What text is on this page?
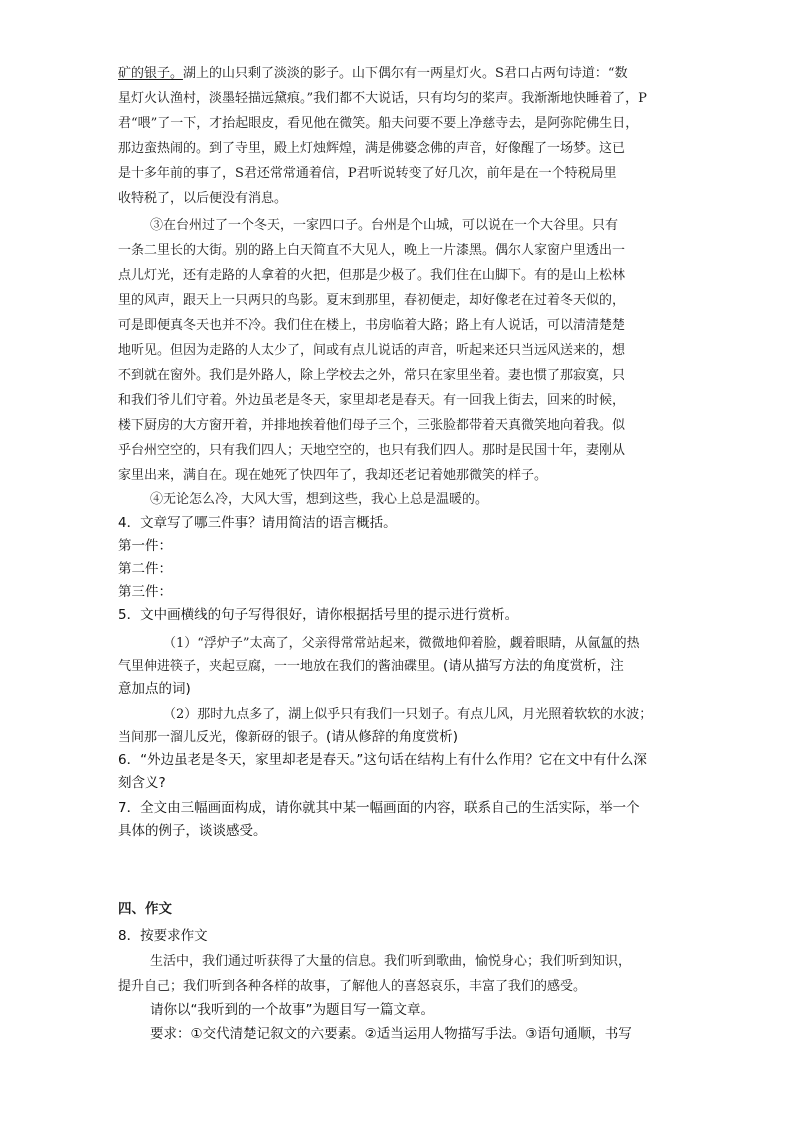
矿的银子。湖上的山只剩了淡淡的影子。山下偶尔有一两星灯火。S君口占两句诗道：“数
星灯火认渔村，淡墨轻描远黛痕。”我们都不大说话，只有均匀的桨声。我渐渐地快睡着了，P
君“喂”了一下，才抬起眼皮，看见他在微笑。船夫问要不要上净慈寺去，是阿弥陀佛生日，
那边蛮热闹的。到了寺里，殿上灯烛辉煌，满是佛婆念佛的声音，好像醒了一场梦。这已
是十多年前的事了，S君还常常通着信，P君听说转变了好几次，前年是在一个特税局里
收特税了，以后便没有消息。
③在台州过了一个冬天，一家四口子。台州是个山城，可以说在一个大谷里。只有
一条二里长的大街。别的路上白天简直不大见人，晚上一片漆黑。偶尔人家窗户里透出一
点儿灯光，还有走路的人拿着的火把，但那是少极了。我们住在山脚下。有的是山上松林
里的风声，跟天上一只两只的鸟影。夏末到那里，春初便走，却好像老在过着冬天似的，
可是即便真冬天也并不冷。我们住在楼上，书房临着大路；路上有人说话，可以清清楚楚
地听见。但因为走路的人太少了，间或有点儿说话的声音，听起来还只当远风送来的，想
不到就在窗外。我们是外路人，除上学校去之外，常只在家里坐着。妻也惯了那寂寞，只
和我们爷儿们守着。外边虽老是冬天，家里却老是春天。有一回我上街去，回来的时候，
楼下厨房的大方窗开着，并排地挨着他们母子三个，三张脸都带着天真微笑地向着我。似
乎台州空空的，只有我们四人；天地空空的，也只有我们四人。那时是民国十年，妻刚从
家里出来，满自在。现在她死了快四年了，我却还老记着她那微笑的样子。
④无论怎么冷，大风大雪，想到这些，我心上总是温暖的。
4．文章写了哪三件事？请用简洁的语言概括。
第一件：
第二件：
第三件：
5．文中画横线的句子写得很好，请你根据括号里的提示进行赏析。
（1）“浮炉子”太高了，父亲得常常站起来，微微地仰着脸，觑着眼睛，从氤氲的热
气里伸进筷子，夹起豆腐，一一地放在我们的酱油碟里。(请从描写方法的角度赏析，注
意加点的词)
（2）那时九点多了，湖上似乎只有我们一只划子。有点儿风，月光照着软软的水波；
当间那一溜儿反光，像新砑的银子。(请从修辞的角度赏析)
6．“外边虽老是冬天，家里却老是春天。”这句话在结构上有什么作用？它在文中有什么深
刻含义?
7．全文由三幅画面构成，请你就其中某一幅画面的内容，联系自己的生活实际，举一个
具体的例子，谈谈感受。
四、作文
8．按要求作文
生活中，我们通过听获得了大量的信息。我们听到歌曲，愉悦身心；我们听到知识，
提升自己；我们听到各种各样的故事，了解他人的喜怒哀乐，丰富了我们的感受。
请你以“我听到的一个故事”为题目写一篇文章。
要求：①交代清楚记叙文的六要素。②适当运用人物描写手法。③语句通顺，书写
